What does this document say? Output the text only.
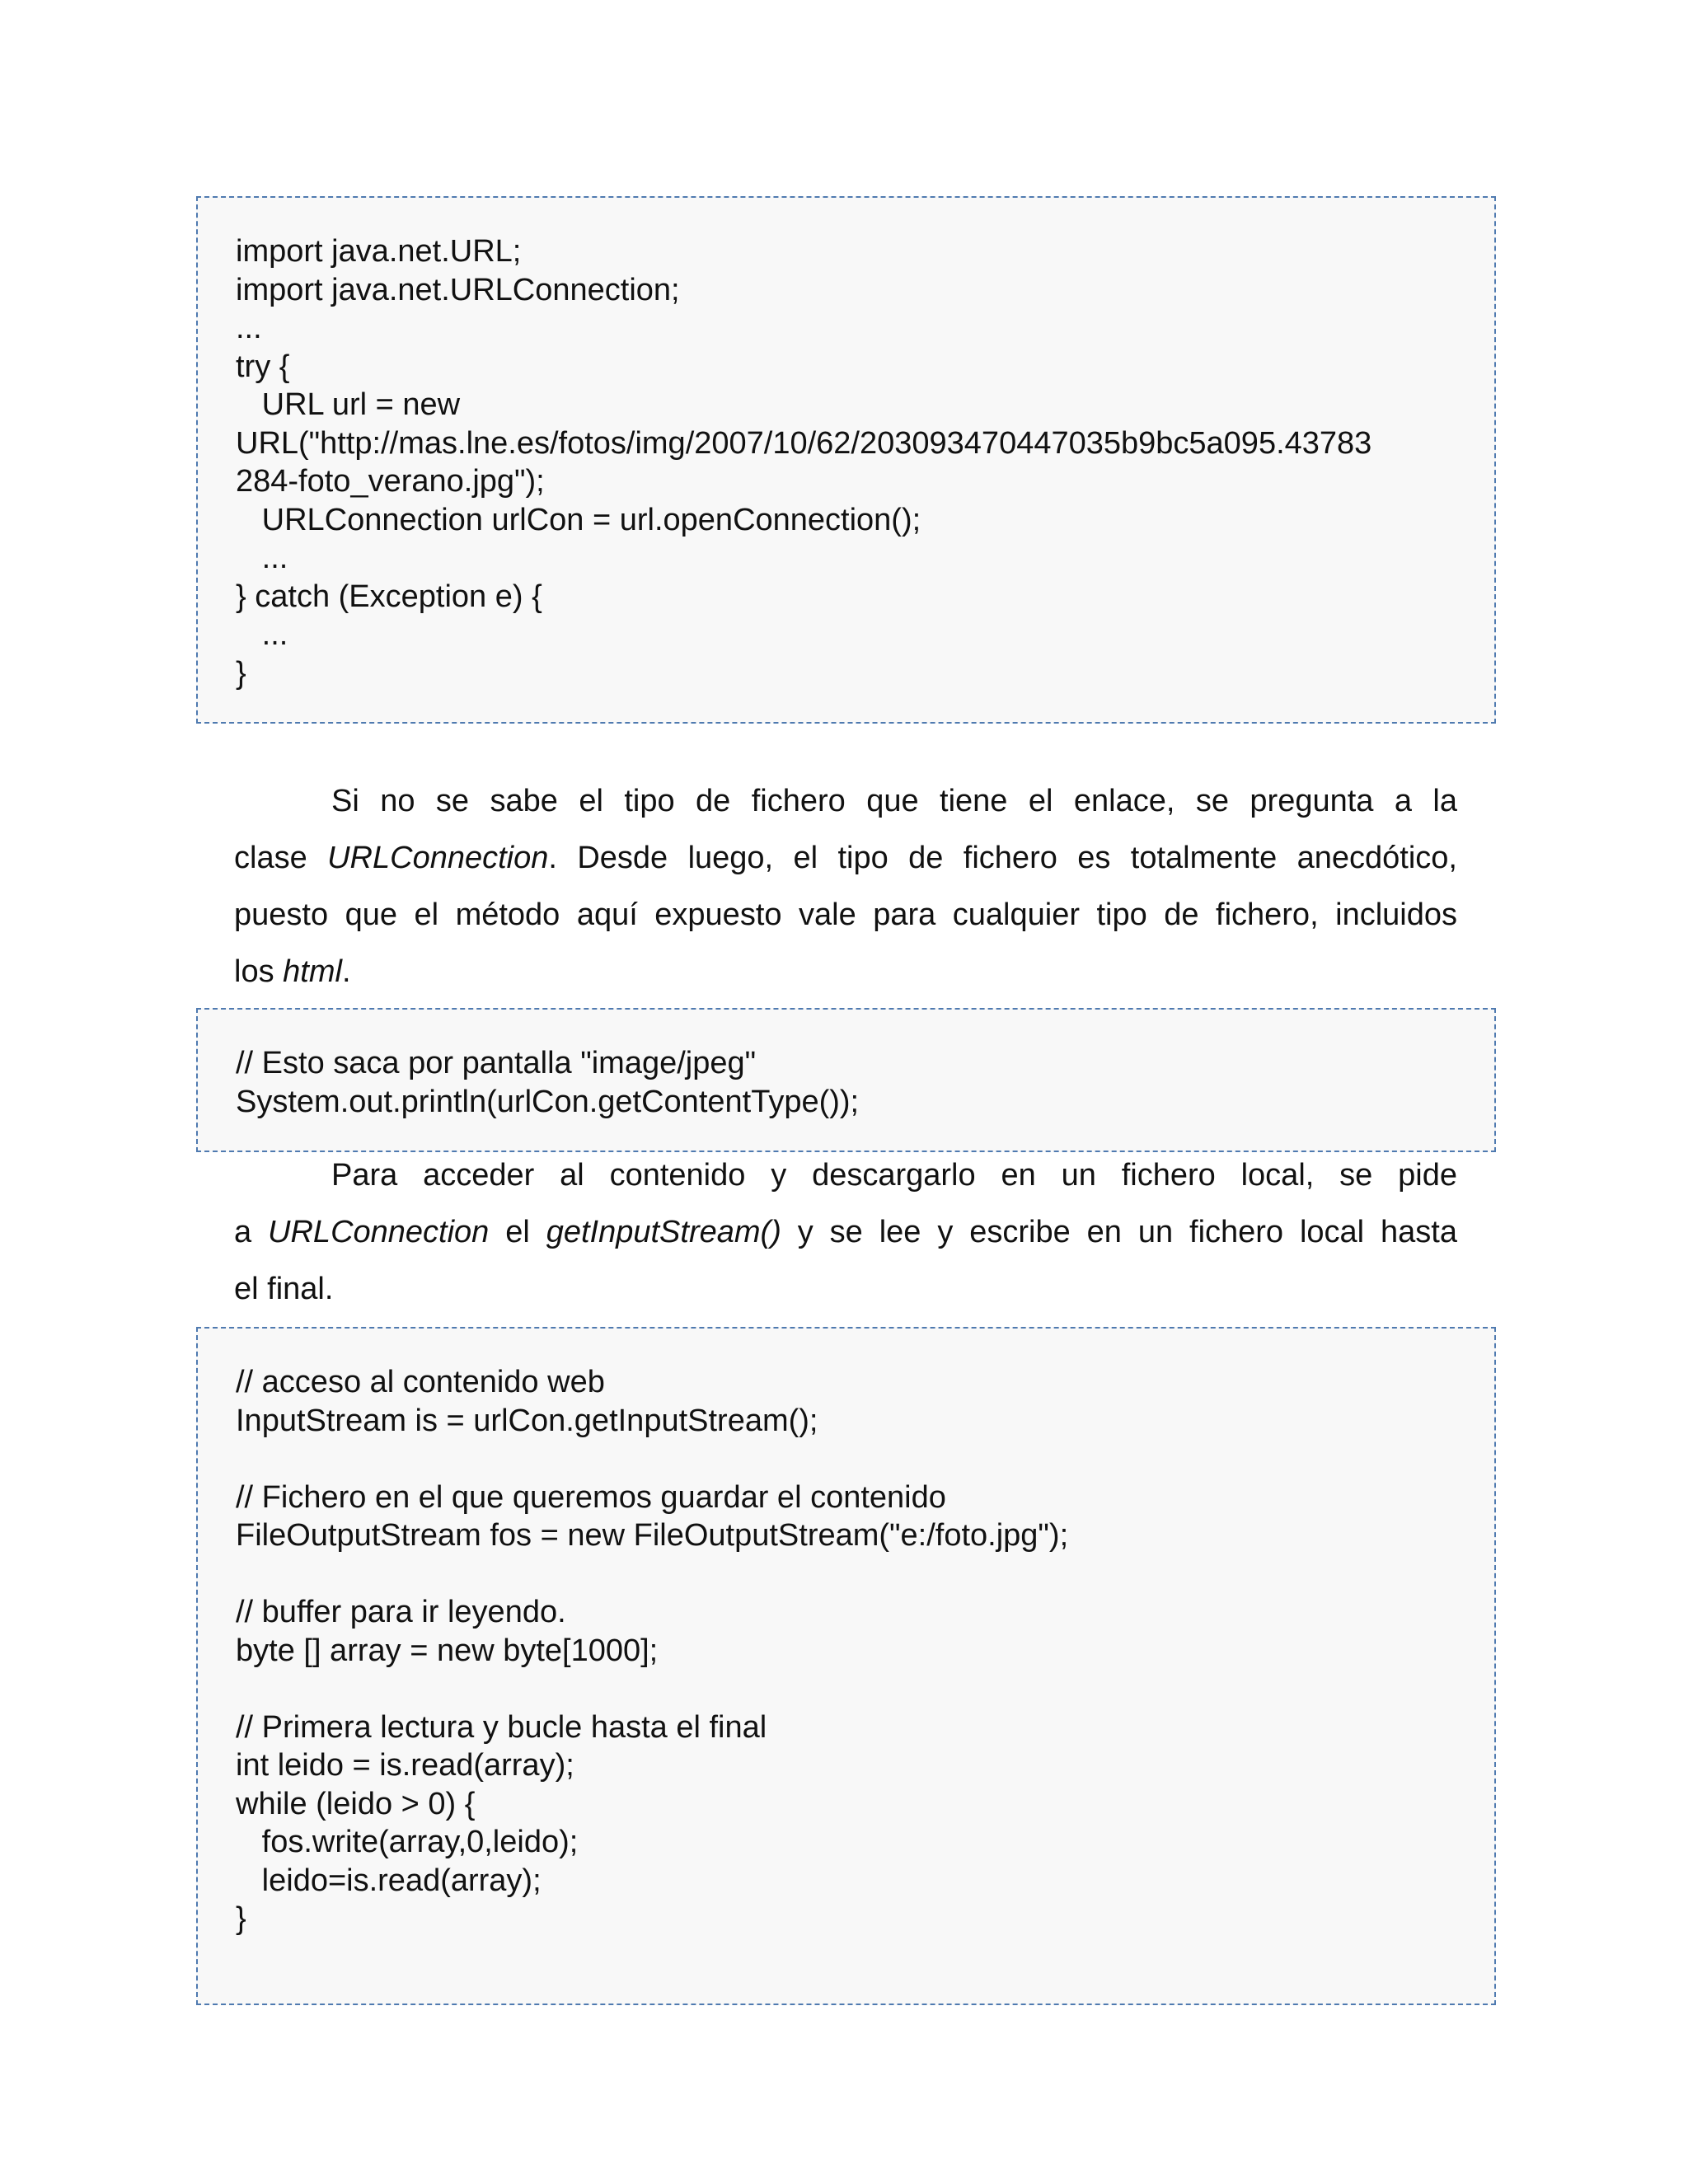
import java.net.URL;
import java.net.URLConnection;
...
try {
URL url = new
URL("http://mas.lne.es/fotos/img/2007/10/62/203093470447035b9bc5a095.43783
284-foto_verano.jpg");
URLConnection urlCon = url.openConnection();
...
} catch (Exception e) {
...
}
Si no se sabe el tipo de fichero que tiene el enlace, se pregunta a la
clase URLConnection. Desde luego, el tipo de fichero es totalmente anecdótico,
puesto que el método aquí expuesto vale para cualquier tipo de fichero, incluidos
los html.
// Esto saca por pantalla "image/jpeg"
System.out.println(urlCon.getContentType());
Para acceder al contenido y descargarlo en un fichero local, se pide
a URLConnection el getInputStream() y se lee y escribe en un fichero local hasta
el final.
// acceso al contenido web
InputStream is = urlCon.getInputStream();
// Fichero en el que queremos guardar el contenido
FileOutputStream fos = new FileOutputStream("e:/foto.jpg");
// buffer para ir leyendo.
byte [] array = new byte[1000];
// Primera lectura y bucle hasta el final
int leido = is.read(array);
while (leido > 0) {
fos.write(array,0,leido);
leido=is.read(array);
}
